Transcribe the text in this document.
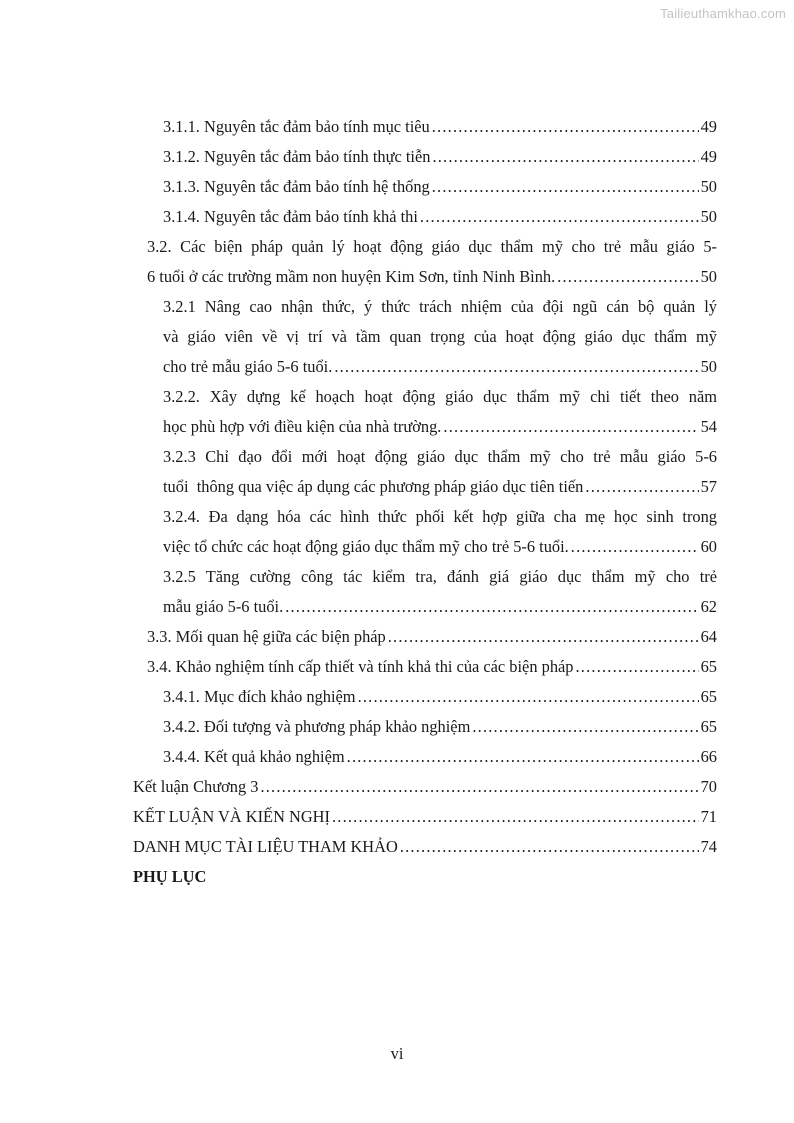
Tailieuthamkhao.com
3.1.1. Nguyên tắc đảm bảo tính mục tiêu .....	49
3.1.2. Nguyên tắc đảm bảo tính thực tiễn .....	49
3.1.3. Nguyên tắc đảm bảo tính hệ thống .....	50
3.1.4. Nguyên tắc đảm bảo tính khả thi .....	50
3.2. Các biện pháp quản lý hoạt động giáo dục thẩm mỹ cho trẻ mẫu giáo 5-
6 tuổi ở các trường mầm non huyện Kim Sơn, tỉnh Ninh Bình. .....	50
3.2.1 Nâng cao nhận thức, ý thức trách nhiệm của đội ngũ cán bộ quản lý
và giáo viên về vị trí và tầm quan trọng của hoạt động giáo dục thẩm mỹ
cho trẻ mẫu giáo 5-6 tuổi. .....	50
3.2.2. Xây dựng kế hoạch hoạt động giáo dục thẩm mỹ chi tiết theo năm
học phù hợp với điều kiện của nhà trường. .....	54
3.2.3 Chỉ đạo đổi mới hoạt động giáo dục thẩm mỹ cho trẻ mẫu giáo 5-6
tuổi  thông qua việc áp dụng các phương pháp giáo dục tiên tiến .....	57
3.2.4. Đa dạng hóa các hình thức phối kết hợp giữa cha mẹ học sinh trong
việc tổ chức các hoạt động giáo dục thẩm mỹ cho trẻ 5-6 tuổi. .....	60
3.2.5 Tăng cường công tác kiểm tra, đánh giá giáo dục thẩm mỹ cho trẻ
mẫu giáo 5-6 tuổi. .....	62
3.3. Mối quan hệ giữa các biện pháp .....	64
3.4. Khảo nghiệm tính cấp thiết và tính khả thi của các biện pháp .....	65
3.4.1. Mục đích khảo nghiệm .....	65
3.4.2. Đối tượng và phương pháp khảo nghiệm .....	65
3.4.4. Kết quả khảo nghiệm .....	66
Kết luận Chương 3 .....	70
KẾT LUẬN VÀ KIẾN NGHỊ .....	71
DANH MỤC TÀI LIỆU THAM KHẢO .....	74
PHỤ LỤC
vi
